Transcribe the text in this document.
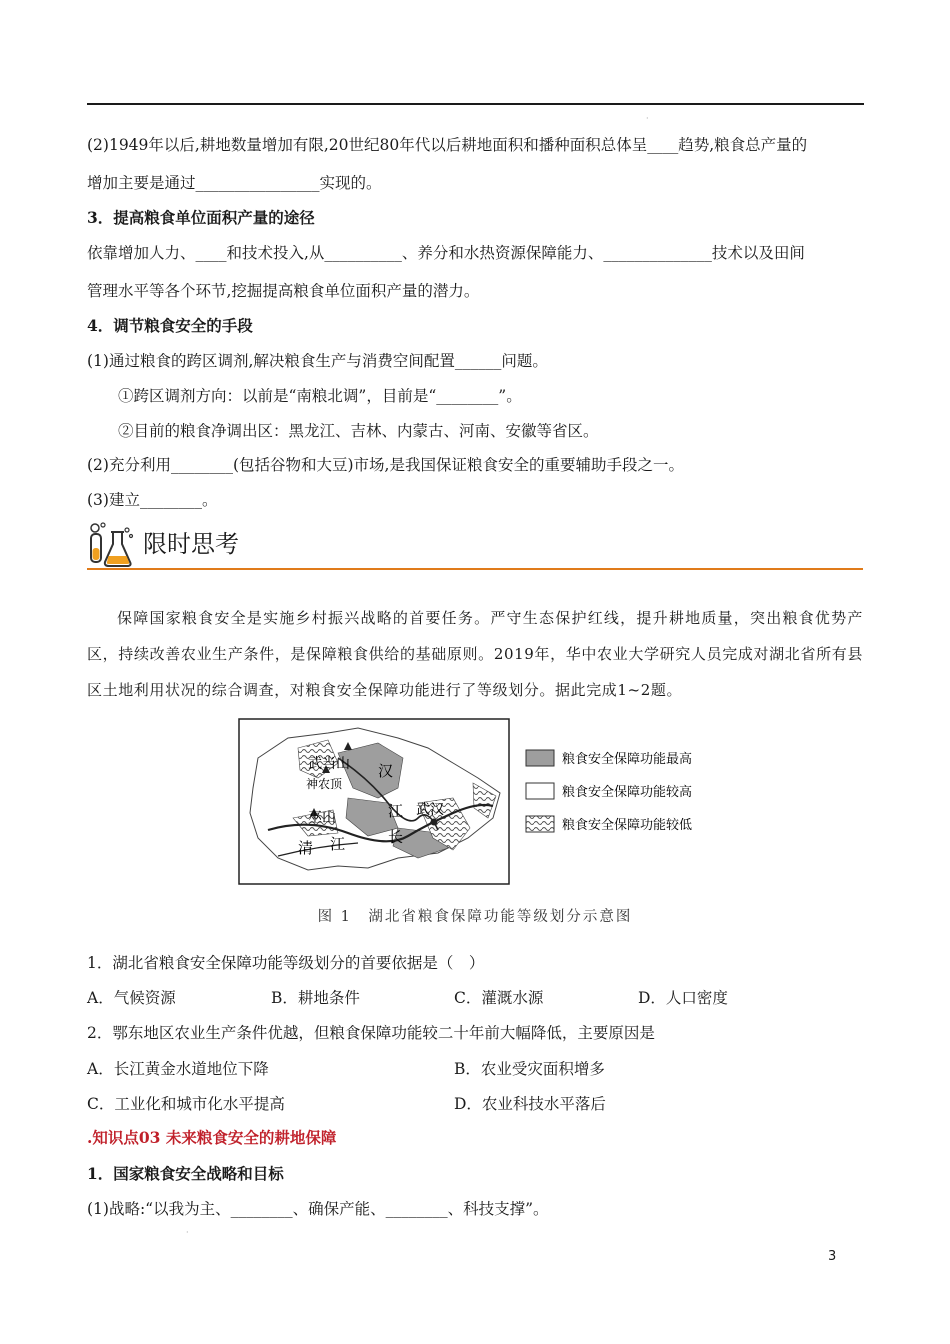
·
(2)1949年以后,耕地数量增加有限,20世纪80年代以后耕地面积和播种面积总体呈____趋势,粮食总产量的
增加主要是通过________________实现的。
3．提高粮食单位面积产量的途径
依靠增加人力、____和技术投入,从__________、养分和水热资源保障能力、______________技术以及田间
管理水平等各个环节,挖掘提高粮食单位面积产量的潜力。
4．调节粮食安全的手段
(1)通过粮食的跨区调剂,解决粮食生产与消费空间配置______问题。
①跨区调剂方向：以前是“南粮北调”，目前是“________”。
②目前的粮食净调出区：黑龙江、吉林、内蒙古、河南、安徽等省区。
(2)充分利用________(包括谷物和大豆)市场,是我国保证粮食安全的重要辅助手段之一。
(3)建立________。
限时思考
保障国家粮食安全是实施乡村振兴战略的首要任务。严守生态保护红线，提升耕地质量，突出粮食优势产区，持续改善农业生产条件，是保障粮食供给的基础原则。2019年，华中农业大学研究人员完成对湖北省所有县区土地利用状况的综合调查，对粮食安全保障功能进行了等级划分。据此完成1~2题。
武当山
神农顶
汉
江 武汉
巫山
长
清 江
粮食安全保障功能最高
粮食安全保障功能较高
粮食安全保障功能较低
图 1　湖北省粮食保障功能等级划分示意图
1．湖北省粮食安全保障功能等级划分的首要依据是（　）
A．气候资源	B．耕地条件	C．灌溉水源	D．人口密度
2．鄂东地区农业生产条件优越，但粮食保障功能较二十年前大幅降低，主要原因是
A．长江黄金水道地位下降	B．农业受灾面积增多
C．工业化和城市化水平提高	D．农业科技水平落后
.知识点03 未来粮食安全的耕地保障
1．国家粮食安全战略和目标
(1)战略:“以我为主、________、确保产能、________、科技支撑”。
·
3
